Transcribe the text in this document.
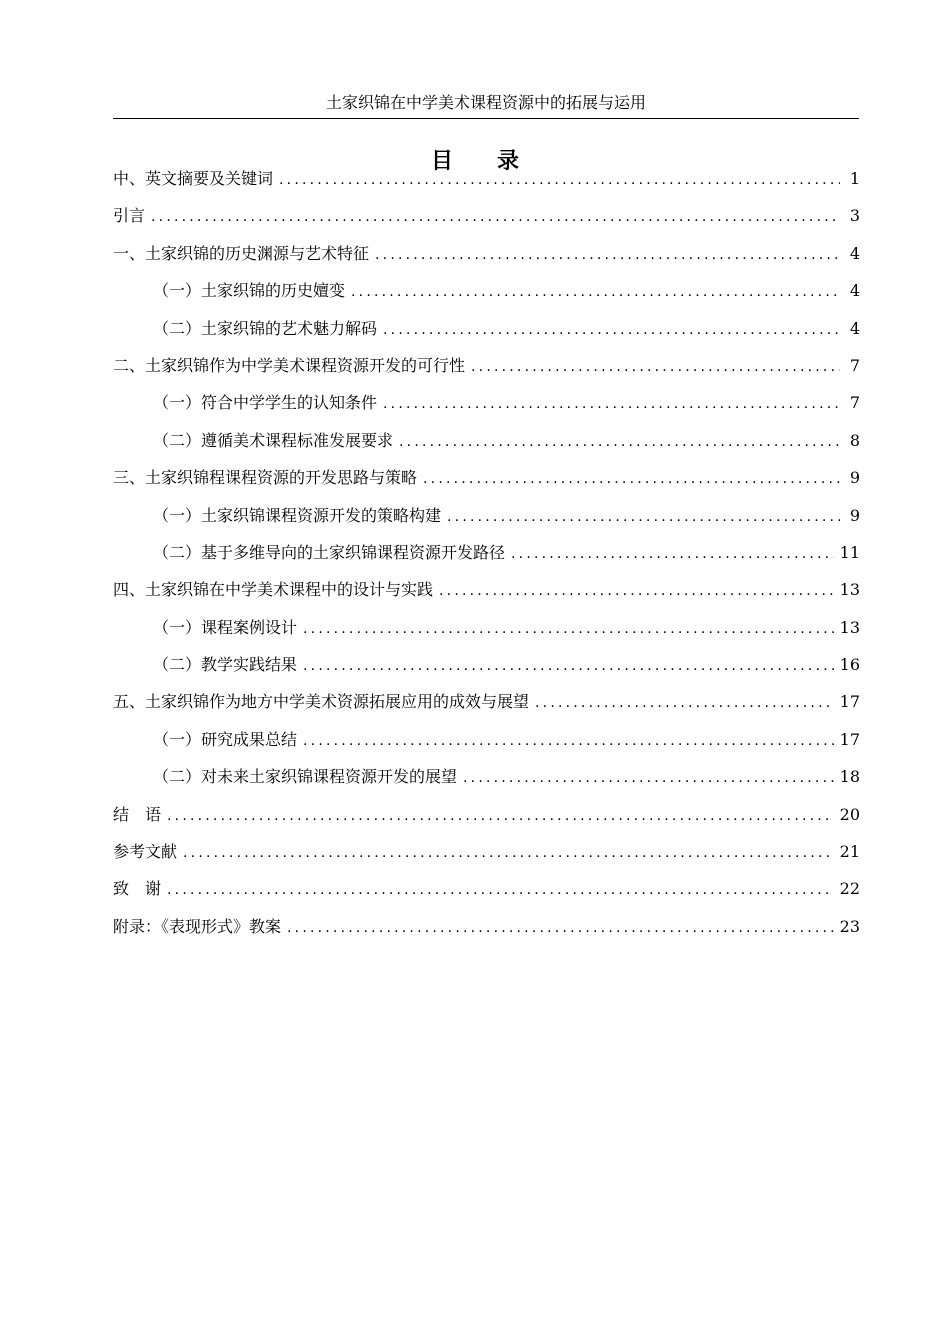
土家织锦在中学美术课程资源中的拓展与运用
目录
中、英文摘要及关键词 .....	1
引言 .....	3
一、土家织锦的历史渊源与艺术特征 .....	4
（一）土家织锦的历史嬗变 .....	4
（二）土家织锦的艺术魅力解码 .....	4
二、土家织锦作为中学美术课程资源开发的可行性 .....	7
（一）符合中学学生的认知条件 .....	7
（二）遵循美术课程标准发展要求 .....	8
三、土家织锦程课程资源的开发思路与策略 .....	9
（一）土家织锦课程资源开发的策略构建 .....	9
（二）基于多维导向的土家织锦课程资源开发路径 .....	11
四、土家织锦在中学美术课程中的设计与实践 .....	13
（一）课程案例设计 .....	13
（二）教学实践结果 .....	16
五、土家织锦作为地方中学美术资源拓展应用的成效与展望 .....	17
（一）研究成果总结 .....	17
（二）对未来土家织锦课程资源开发的展望 .....	18
结　语 .....	20
参考文献 .....	21
致　谢 .....	22
附录：《表现形式》教案 .....	23
